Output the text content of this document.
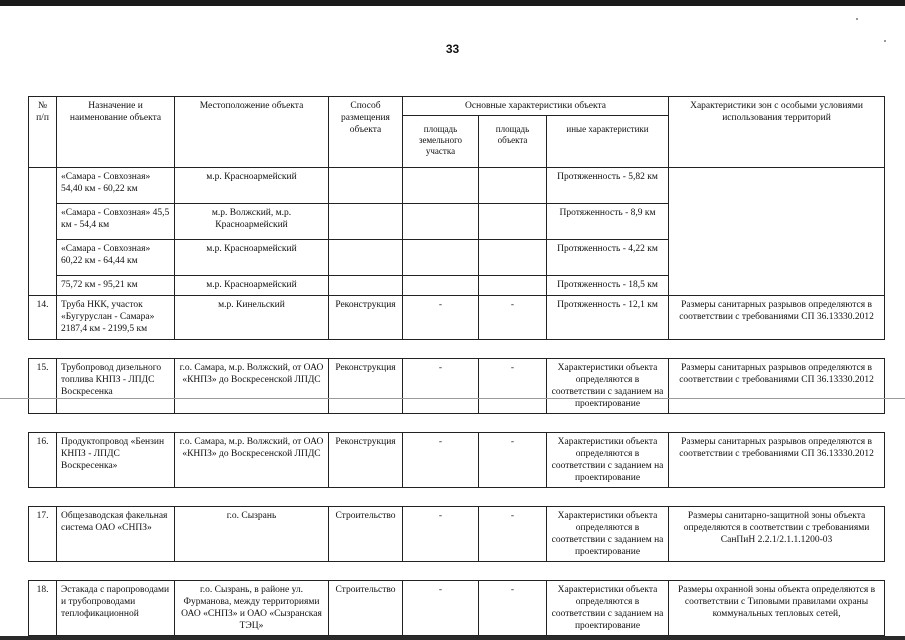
33
№ п/п	Назначение и наименование объекта	Местоположение объекта	Способ размещения объекта	Основные характеристики объекта			Характеристики зон с особыми условиями использования территорий
				площадь земельного участка	площадь объекта	иные характеристики	
	«Самара - Совхозная» 54,40 км - 60,22 км	м.р. Красноармейский				Протяженность - 5,82 км	
	«Самара - Совхозная» 45,5 км - 54,4 км	м.р. Волжский, м.р. Красноармейский				Протяженность - 8,9 км	
	«Самара - Совхозная» 60,22 км - 64,44 км	м.р. Красноармейский				Протяженность - 4,22 км	
	75,72 км - 95,21 км	м.р. Красноармейский				Протяженность - 18,5 км	
14.	Труба НКК, участок «Бугуруслан - Самара» 2187,4 км - 2199,5 км	м.р. Кинельский	Реконструкция	-	-	Протяженность - 12,1 км	Размеры санитарных разрывов определяются в соответствии с требованиями СП 36.13330.2012

15.	Трубопровод дизельного топлива КНПЗ - ЛПДС Воскресенка	г.о. Самара, м.р. Волжский, от ОАО «КНПЗ» до Воскресенской ЛПДС	Реконструкция	-	-	Характеристики объекта определяются в соответствии с заданием на проектирование	Размеры санитарных разрывов определяются в соответствии с требованиями СП 36.13330.2012

16.	Продуктопровод «Бензин КНПЗ - ЛПДС Воскресенка»	г.о. Самара, м.р. Волжский, от ОАО «КНПЗ» до Воскресенской ЛПДС	Реконструкция	-	-	Характеристики объекта определяются в соответствии с заданием на проектирование	Размеры санитарных разрывов определяются в соответствии с требованиями СП 36.13330.2012

17.	Общезаводская факельная система ОАО «СНПЗ»	г.о. Сызрань	Строительство	-	-	Характеристики объекта определяются в соответствии с заданием на проектирование	Размеры санитарно-защитной зоны объекта определяются в соответствии с требованиями СанПиН 2.2.1/2.1.1.1200-03

18.	Эстакада с паропроводами и трубопроводами теплофикационной	г.о. Сызрань, в районе ул. Фурманова, между территориями ОАО «СНПЗ» и ОАО «Сызранская ТЭЦ»	Строительство	-	-	Характеристики объекта определяются в соответствии с заданием на проектирование	Размеры охранной зоны объекта определяются в соответствии с Типовыми правилами охраны коммунальных тепловых сетей,
